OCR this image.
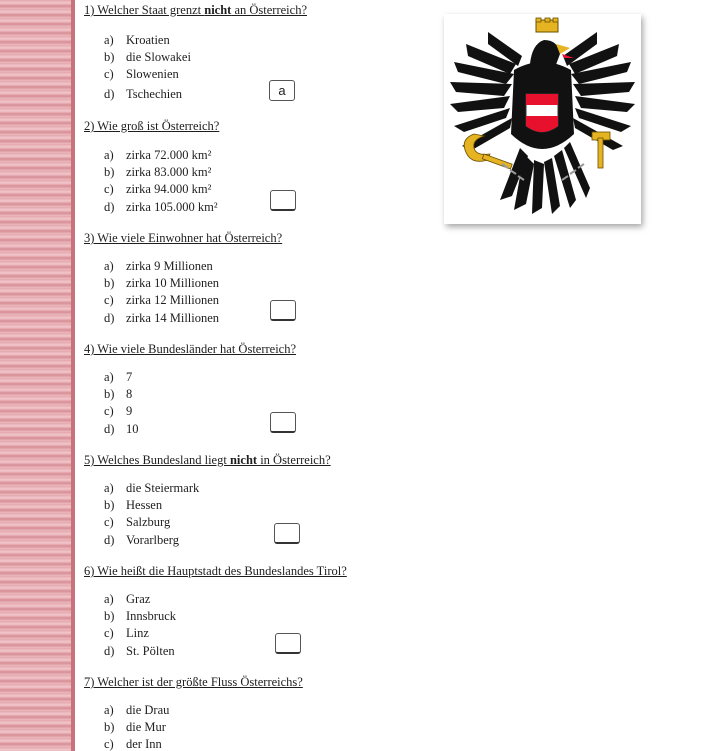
1) Welcher Staat grenzt nicht an Österreich?
a) Kroatien
b) die Slowakei
c) Slowenien
d) Tschechien	a
2) Wie groß ist Österreich?
a) zirka 72.000 km²
b) zirka 83.000 km²
c) zirka 94.000 km²
d) zirka 105.000 km²
3) Wie viele Einwohner hat Österreich?
a) zirka 9 Millionen
b) zirka 10 Millionen
c) zirka 12 Millionen
d) zirka 14 Millionen
4) Wie viele Bundesländer hat Österreich?
a) 7
b) 8
c) 9
d) 10
5) Welches Bundesland liegt nicht in Österreich?
a) die Steiermark
b) Hessen
c) Salzburg
d) Vorarlberg
6) Wie heißt die Hauptstadt des Bundeslandes Tirol?
a) Graz
b) Innsbruck
c) Linz
d) St. Pölten
7) Welcher ist der größte Fluss Österreichs?
a) die Drau
b) die Mur
c) der Inn
